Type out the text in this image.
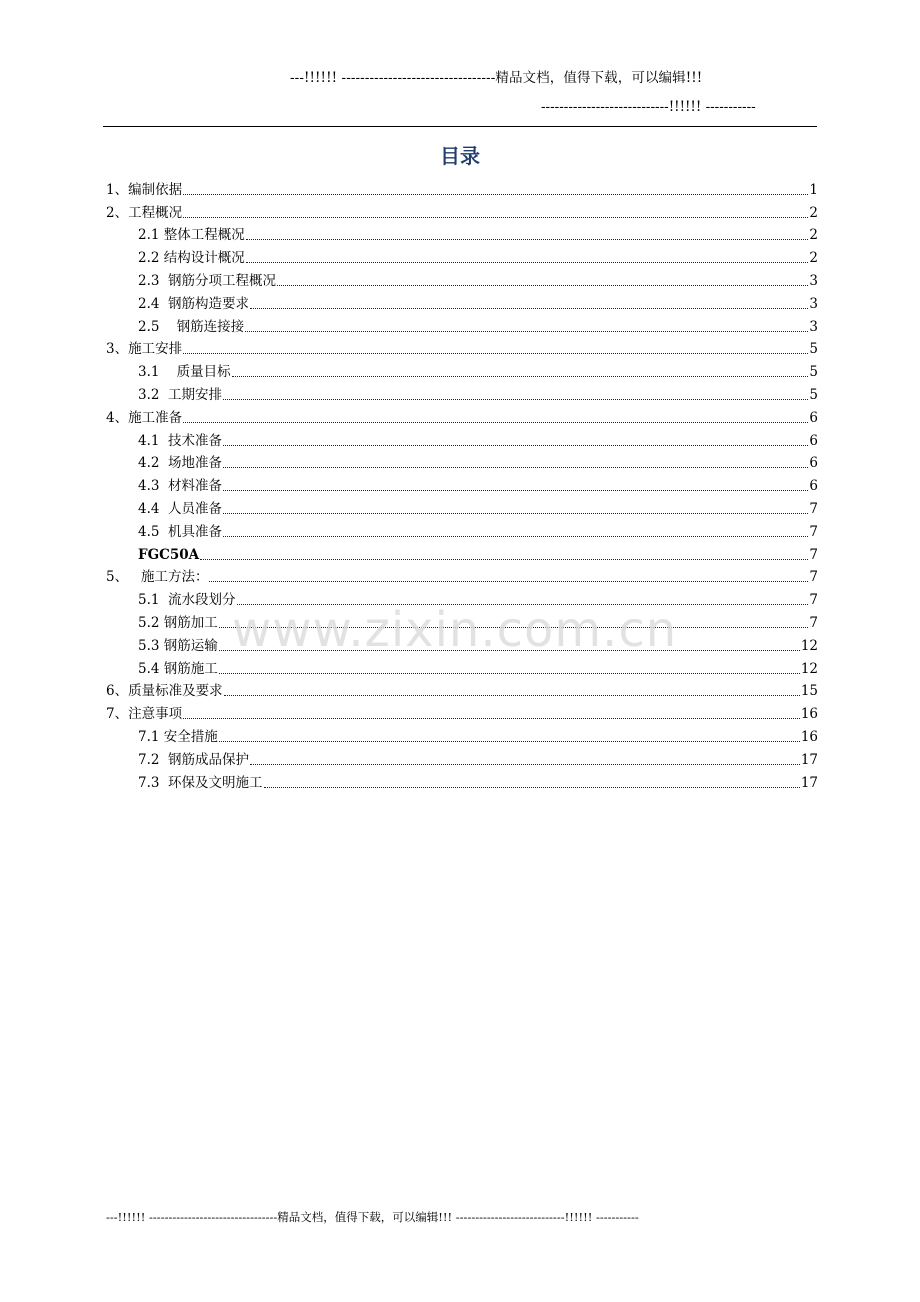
---!!!!!! ---------------------------------精品文档，值得下载，可以编辑!!!
----------------------------!!!!!! -----------
目录
1、编制依据	1
2、工程概况	2
2.1 整体工程概况	2
2.2 结构设计概况	2
2.3  钢筋分项工程概况	3
2.4  钢筋构造要求	3
2.5    钢筋连接接	3
3、施工安排	5
3.1    质量目标	5
3.2  工期安排	5
4、施工准备	6
4.1  技术准备	6
4.2  场地准备	6
4.3  材料准备	6
4.4  人员准备	7
4.5  机具准备	7
FGC50A	7
5、   施工方法：	7
5.1  流水段划分	7
5.2 钢筋加工	7
5.3 钢筋运输	12
5.4 钢筋施工	12
6、质量标准及要求	15
7、注意事项	16
7.1 安全措施	16
7.2  钢筋成品保护	17
7.3  环保及文明施工	17
www.zixin.com.cn
---!!!!!! ---------------------------------精品文档，值得下载，可以编辑!!! ----------------------------!!!!!! -----------
